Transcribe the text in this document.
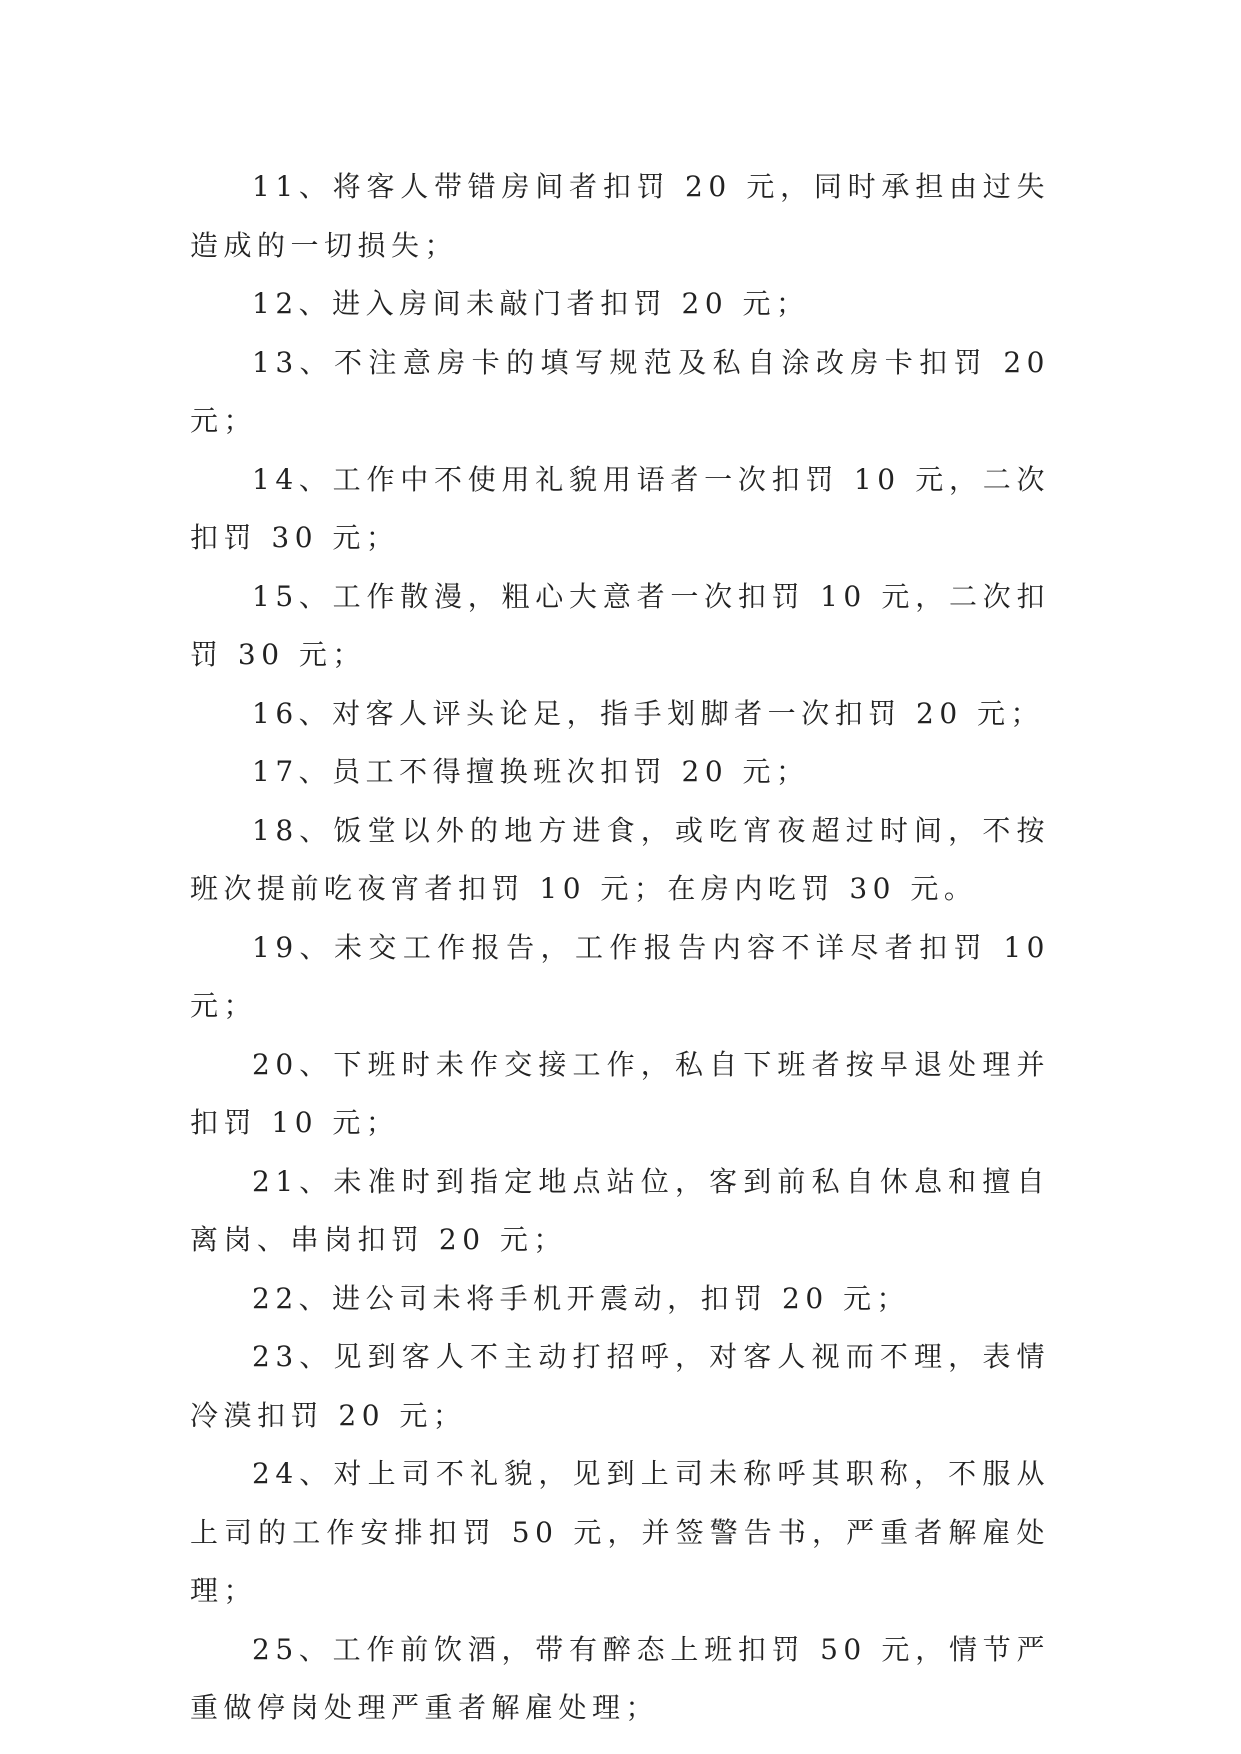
11、将客人带错房间者扣罚 20 元，同时承担由过失造成的一切损失；

12、进入房间未敲门者扣罚 20 元；

13、不注意房卡的填写规范及私自涂改房卡扣罚 20 元；

14、工作中不使用礼貌用语者一次扣罚 10 元，二次扣罚 30 元；

15、工作散漫，粗心大意者一次扣罚 10 元，二次扣罚 30 元；

16、对客人评头论足，指手划脚者一次扣罚 20 元；

17、员工不得擅换班次扣罚 20 元；

18、饭堂以外的地方进食，或吃宵夜超过时间，不按班次提前吃夜宵者扣罚 10 元；在房内吃罚 30 元。

19、未交工作报告，工作报告内容不详尽者扣罚 10 元；

20、下班时未作交接工作，私自下班者按早退处理并扣罚 10 元；

21、未准时到指定地点站位，客到前私自休息和擅自离岗、串岗扣罚 20 元；

22、进公司未将手机开震动，扣罚 20 元；

23、见到客人不主动打招呼，对客人视而不理，表情冷漠扣罚 20 元；

24、对上司不礼貌，见到上司未称呼其职称，不服从上司的工作安排扣罚 50 元，并签警告书，严重者解雇处理；

25、工作前饮酒，带有醉态上班扣罚 50 元，情节严重做停岗处理严重者解雇处理；
